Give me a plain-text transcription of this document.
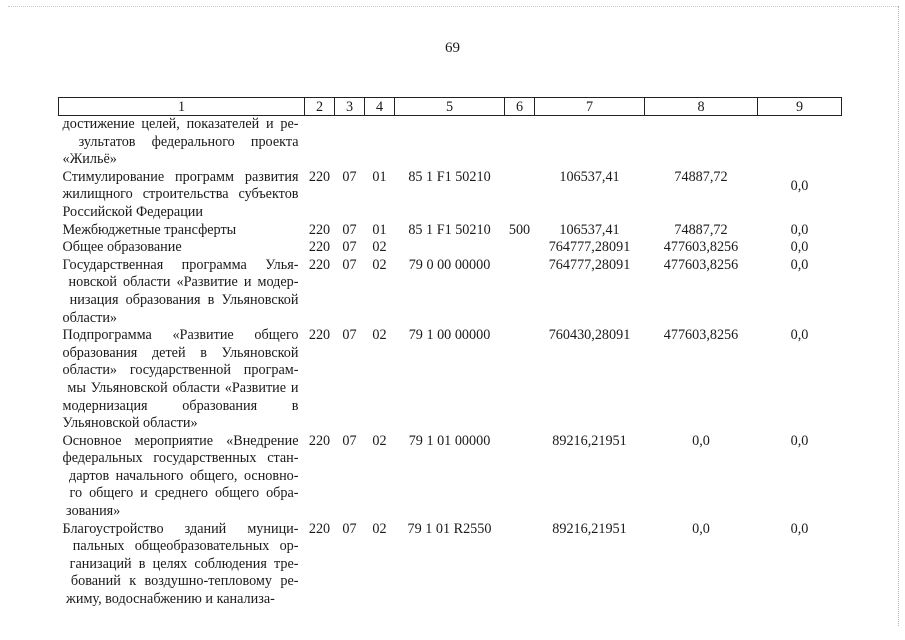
69
1	2	3	4	5	6	7	8	9
достижение целей, показателей и ре- зультатов федерального проекта «Жильё»								
Стимулирование программ развития жилищного строительства субъектов Российской Федерации	220	07	01	85 1 F1 50210		106537,41	74887,72	0,0
Межбюджетные трансферты	220	07	01	85 1 F1 50210	500	106537,41	74887,72	0,0
Общее образование	220	07	02			764777,28091	477603,8256	0,0
Государственная программа Улья- новской области «Развитие и модер- низация образования в Ульяновской области»	220	07	02	79 0 00 00000		764777,28091	477603,8256	0,0
Подпрограмма «Развитие общего образования детей в Ульяновской области» государственной програм- мы Ульяновской области «Развитие и модернизация образования в Ульяновской области»	220	07	02	79 1 00 00000		760430,28091	477603,8256	0,0
Основное мероприятие «Внедрение федеральных государственных стан- дартов начального общего, основно- го общего и среднего общего обра- зования»	220	07	02	79 1 01 00000		89216,21951	0,0	0,0
Благоустройство зданий муници- пальных общеобразовательных ор- ганизаций в целях соблюдения тре- бований к воздушно-тепловому ре- жиму, водоснабжению и канализа-	220	07	02	79 1 01 R2550		89216,21951	0,0	0,0
